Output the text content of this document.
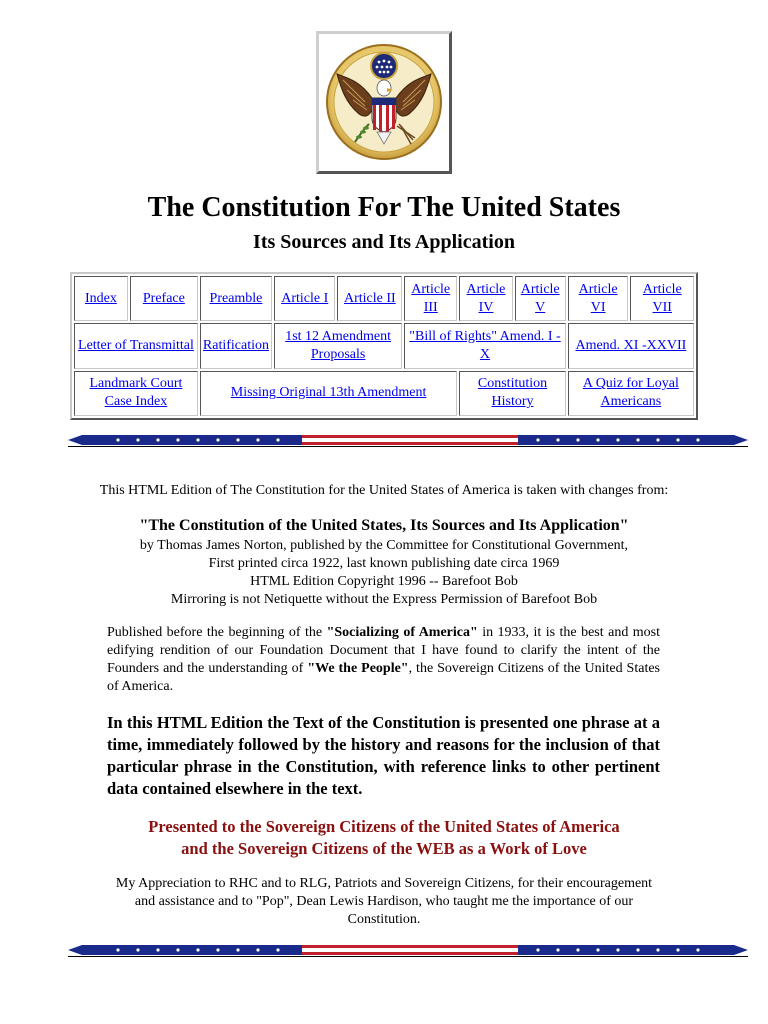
The Constitution For The United States
Its Sources and Its Application
Index	Preface	Preamble	Article I	Article II	Article III	Article IV	Article V	Article VI	Article VII
Letter of Transmittal		Ratification	1st 12 Amendment Proposals		"Bill of Rights" Amend. I - X			Amend. XI -XXVII	
Landmark Court Case Index		Missing Original 13th Amendment				Constitution History		A Quiz for Loyal Americans	

This HTML Edition of The Constitution for the United States of America is taken with changes from:

"The Constitution of the United States, Its Sources and Its Application"
by Thomas James Norton, published by the Committee for Constitutional Government,
First printed circa 1922, last known publishing date circa 1969
HTML Edition Copyright 1996 -- Barefoot Bob
Mirroring is not Netiquette without the Express Permission of Barefoot Bob

Published before the beginning of the "Socializing of America" in 1933, it is the best and most edifying rendition of our Foundation Document that I have found to clarify the intent of the Founders and the understanding of "We the People", the Sovereign Citizens of the United States of America.

In this HTML Edition the Text of the Constitution is presented one phrase at a time, immediately followed by the history and reasons for the inclusion of that particular phrase in the Constitution, with reference links to other pertinent data contained elsewhere in the text.

Presented to the Sovereign Citizens of the United States of America
and the Sovereign Citizens of the WEB as a Work of Love

My Appreciation to RHC and to RLG, Patriots and Sovereign Citizens, for their encouragement and assistance and to "Pop", Dean Lewis Hardison, who taught me the importance of our Constitution.
